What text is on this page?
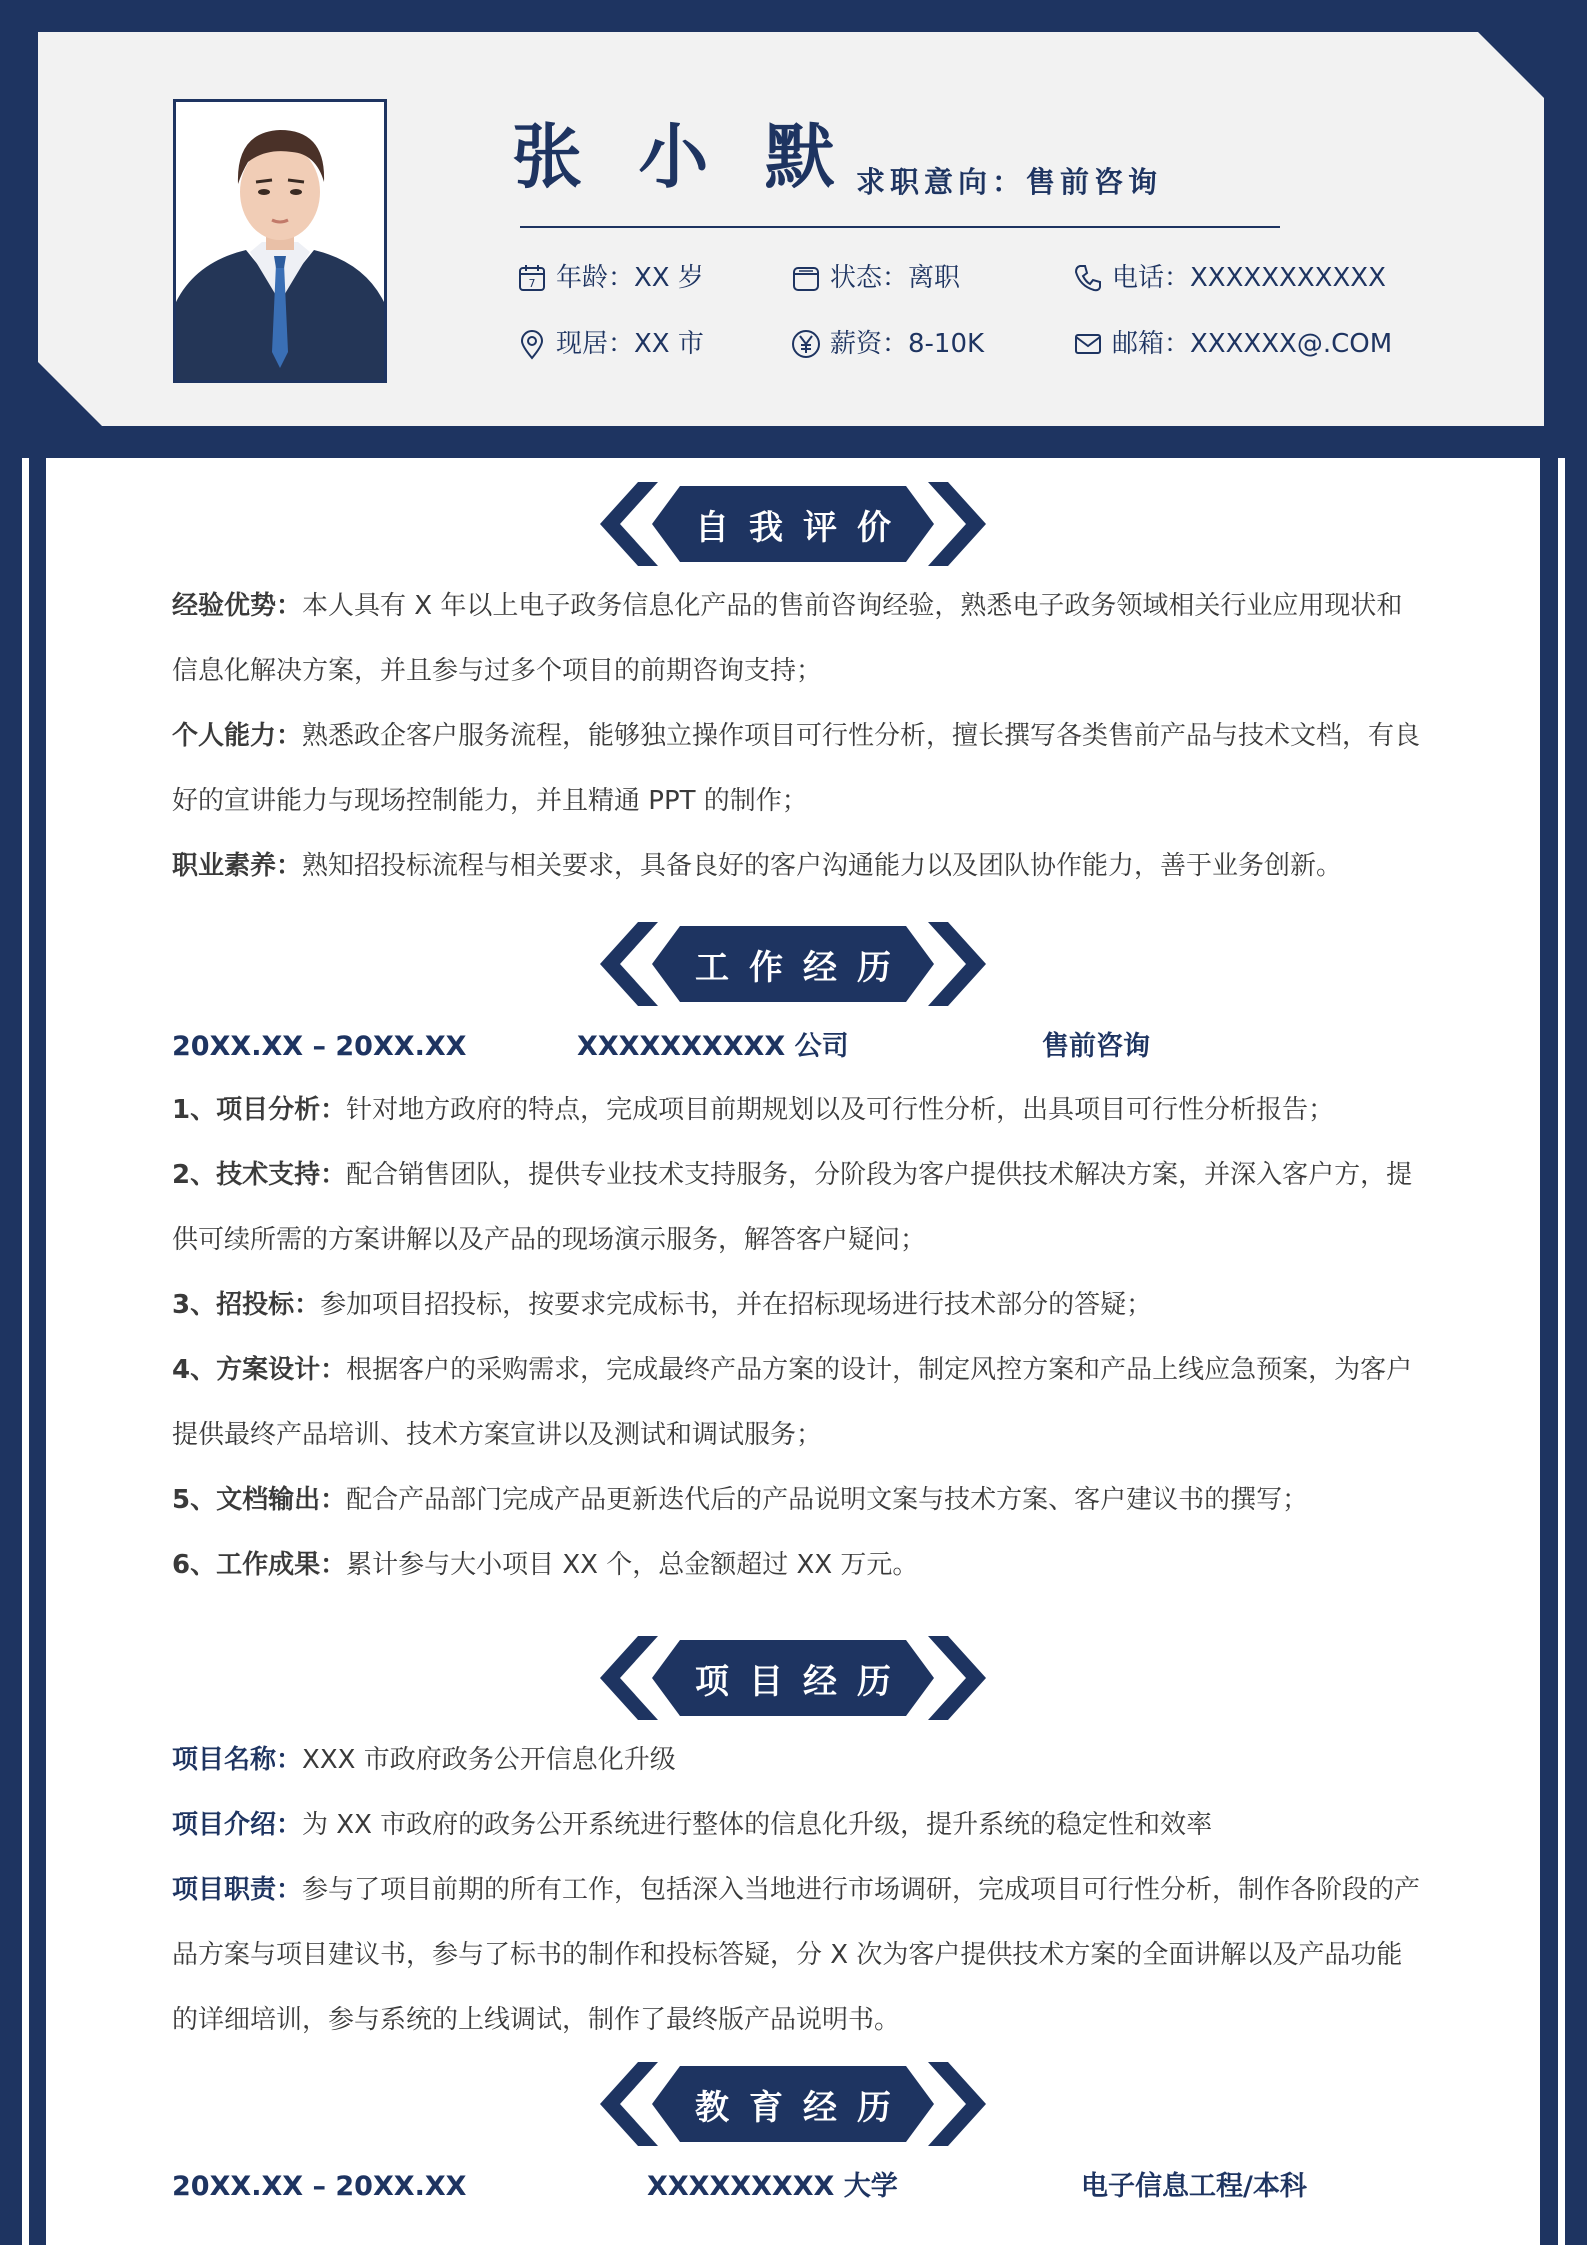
张 小 默 求职意向：售前咨询
7 年龄：XX 岁	状态：离职	电话：XXXXXXXXXXX
现居：XX 市	薪资：8-10K	邮箱：XXXXXX@.COM
自我评价
经验优势：本人具有 X 年以上电子政务信息化产品的售前咨询经验，熟悉电子政务领域相关行业应用现状和信息化解决方案，并且参与过多个项目的前期咨询支持；
个人能力：熟悉政企客户服务流程，能够独立操作项目可行性分析，擅长撰写各类售前产品与技术文档，有良好的宣讲能力与现场控制能力，并且精通 PPT 的制作；
职业素养：熟知招投标流程与相关要求，具备良好的客户沟通能力以及团队协作能力，善于业务创新。
工作经历
20XX.XX – 20XX.XX	XXXXXXXXXX 公司	售前咨询
1、项目分析：针对地方政府的特点，完成项目前期规划以及可行性分析，出具项目可行性分析报告；
2、技术支持：配合销售团队，提供专业技术支持服务，分阶段为客户提供技术解决方案，并深入客户方，提供可续所需的方案讲解以及产品的现场演示服务，解答客户疑问；
3、招投标：参加项目招投标，按要求完成标书，并在招标现场进行技术部分的答疑；
4、方案设计：根据客户的采购需求，完成最终产品方案的设计，制定风控方案和产品上线应急预案，为客户提供最终产品培训、技术方案宣讲以及测试和调试服务；
5、文档输出：配合产品部门完成产品更新迭代后的产品说明文案与技术方案、客户建议书的撰写；
6、工作成果：累计参与大小项目 XX 个，总金额超过 XX 万元。
项目经历
项目名称：XXX 市政府政务公开信息化升级
项目介绍：为 XX 市政府的政务公开系统进行整体的信息化升级，提升系统的稳定性和效率
项目职责：参与了项目前期的所有工作，包括深入当地进行市场调研，完成项目可行性分析，制作各阶段的产品方案与项目建议书，参与了标书的制作和投标答疑，分 X 次为客户提供技术方案的全面讲解以及产品功能的详细培训，参与系统的上线调试，制作了最终版产品说明书。
教育经历
20XX.XX – 20XX.XX	XXXXXXXXX 大学	电子信息工程/本科
